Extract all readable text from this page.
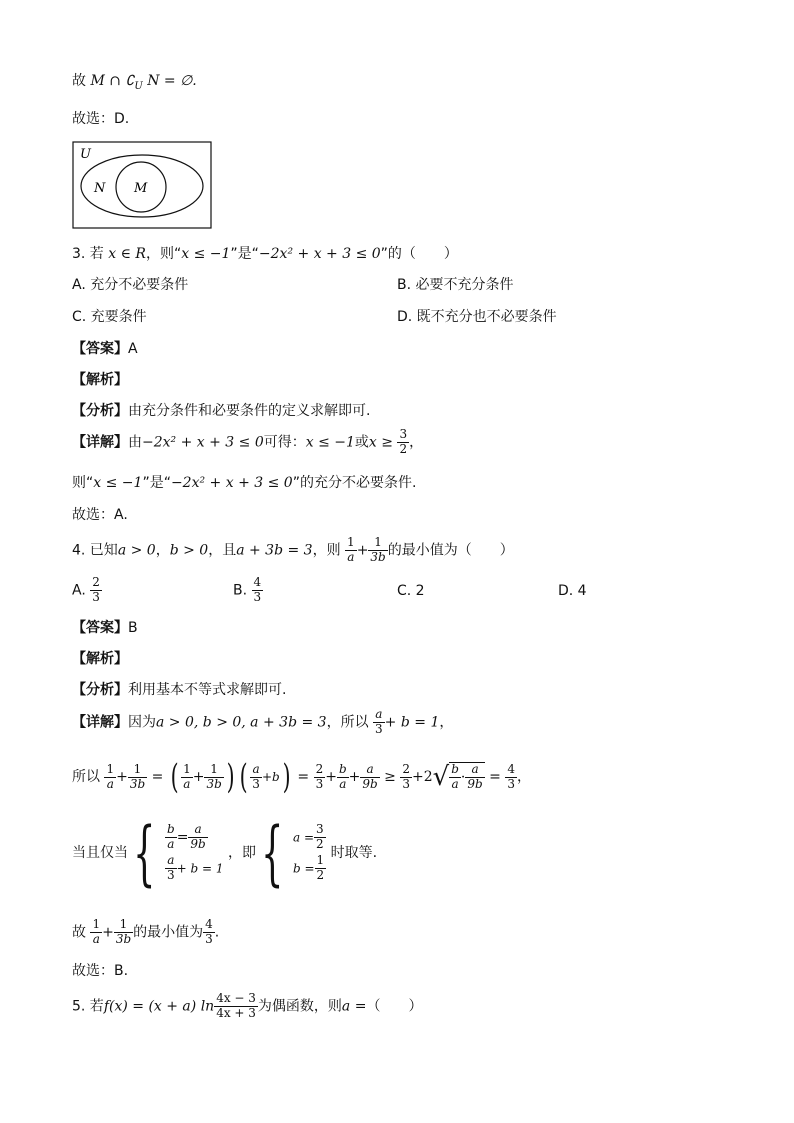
故 M ∩ $∁_U$ N = ∅.
故选：D.
U
N M
3. 若 x ∈ R，则“x ≤ −1”是“−2x² + x + 3 ≤ 0”的（　　）
A. 充分不必要条件	B. 必要不充分条件
C. 充要条件	D. 既不充分也不必要条件
【答案】A
【解析】
【分析】由充分条件和必要条件的定义求解即可.
【详解】由−2x² + x + 3 ≤ 0可得：x ≤ −1或$x \ge \frac{3}{2}$ ，
则“x ≤ −1”是“−2x² + x + 3 ≤ 0”的充分不必要条件.
故选：A.
4. 已知a > 0，b > 0，且a + 3b = 3，则 $\frac{1}{a} + \frac{1}{3b}$ 的最小值为（　　）
A. $\frac{2}{3}$	B. $\frac{4}{3}$	C. 2	D. 4
【答案】B
【解析】
【分析】利用基本不等式求解即可.
【详解】因为a > 0, b > 0, a + 3b = 3，所以 $\frac{a}{3} + b = 1$，
所以 $\frac{1}{a} + \frac{1}{3b}$ = ( $\frac{1}{a} + \frac{1}{3b}$ ) ( $\frac{a}{3} +b) = \frac{2}{3} + \frac{b}{a} + \frac{a}{9b} \ge \frac{2}{3} +2√ \frac{b}{a} \cdot \frac{a}{9b} = \frac{4}{3}$ ，
当且仅当{ $\frac{b}{a} = \frac{a}{9b}$
$\frac{a}{3} + b = 1$
，即{ $a = \frac{3}{2}$
$b = \frac{1}{2}$
时取等.
故 $\frac{1}{a} + \frac{1}{3b}$ 的最小值为 $\frac{4}{3}$ .
故选：B.
5. 若f(x) = (x + a) $\ln \frac{4x - 3}{4x + 3}$ 为偶函数，则a =（　　）
